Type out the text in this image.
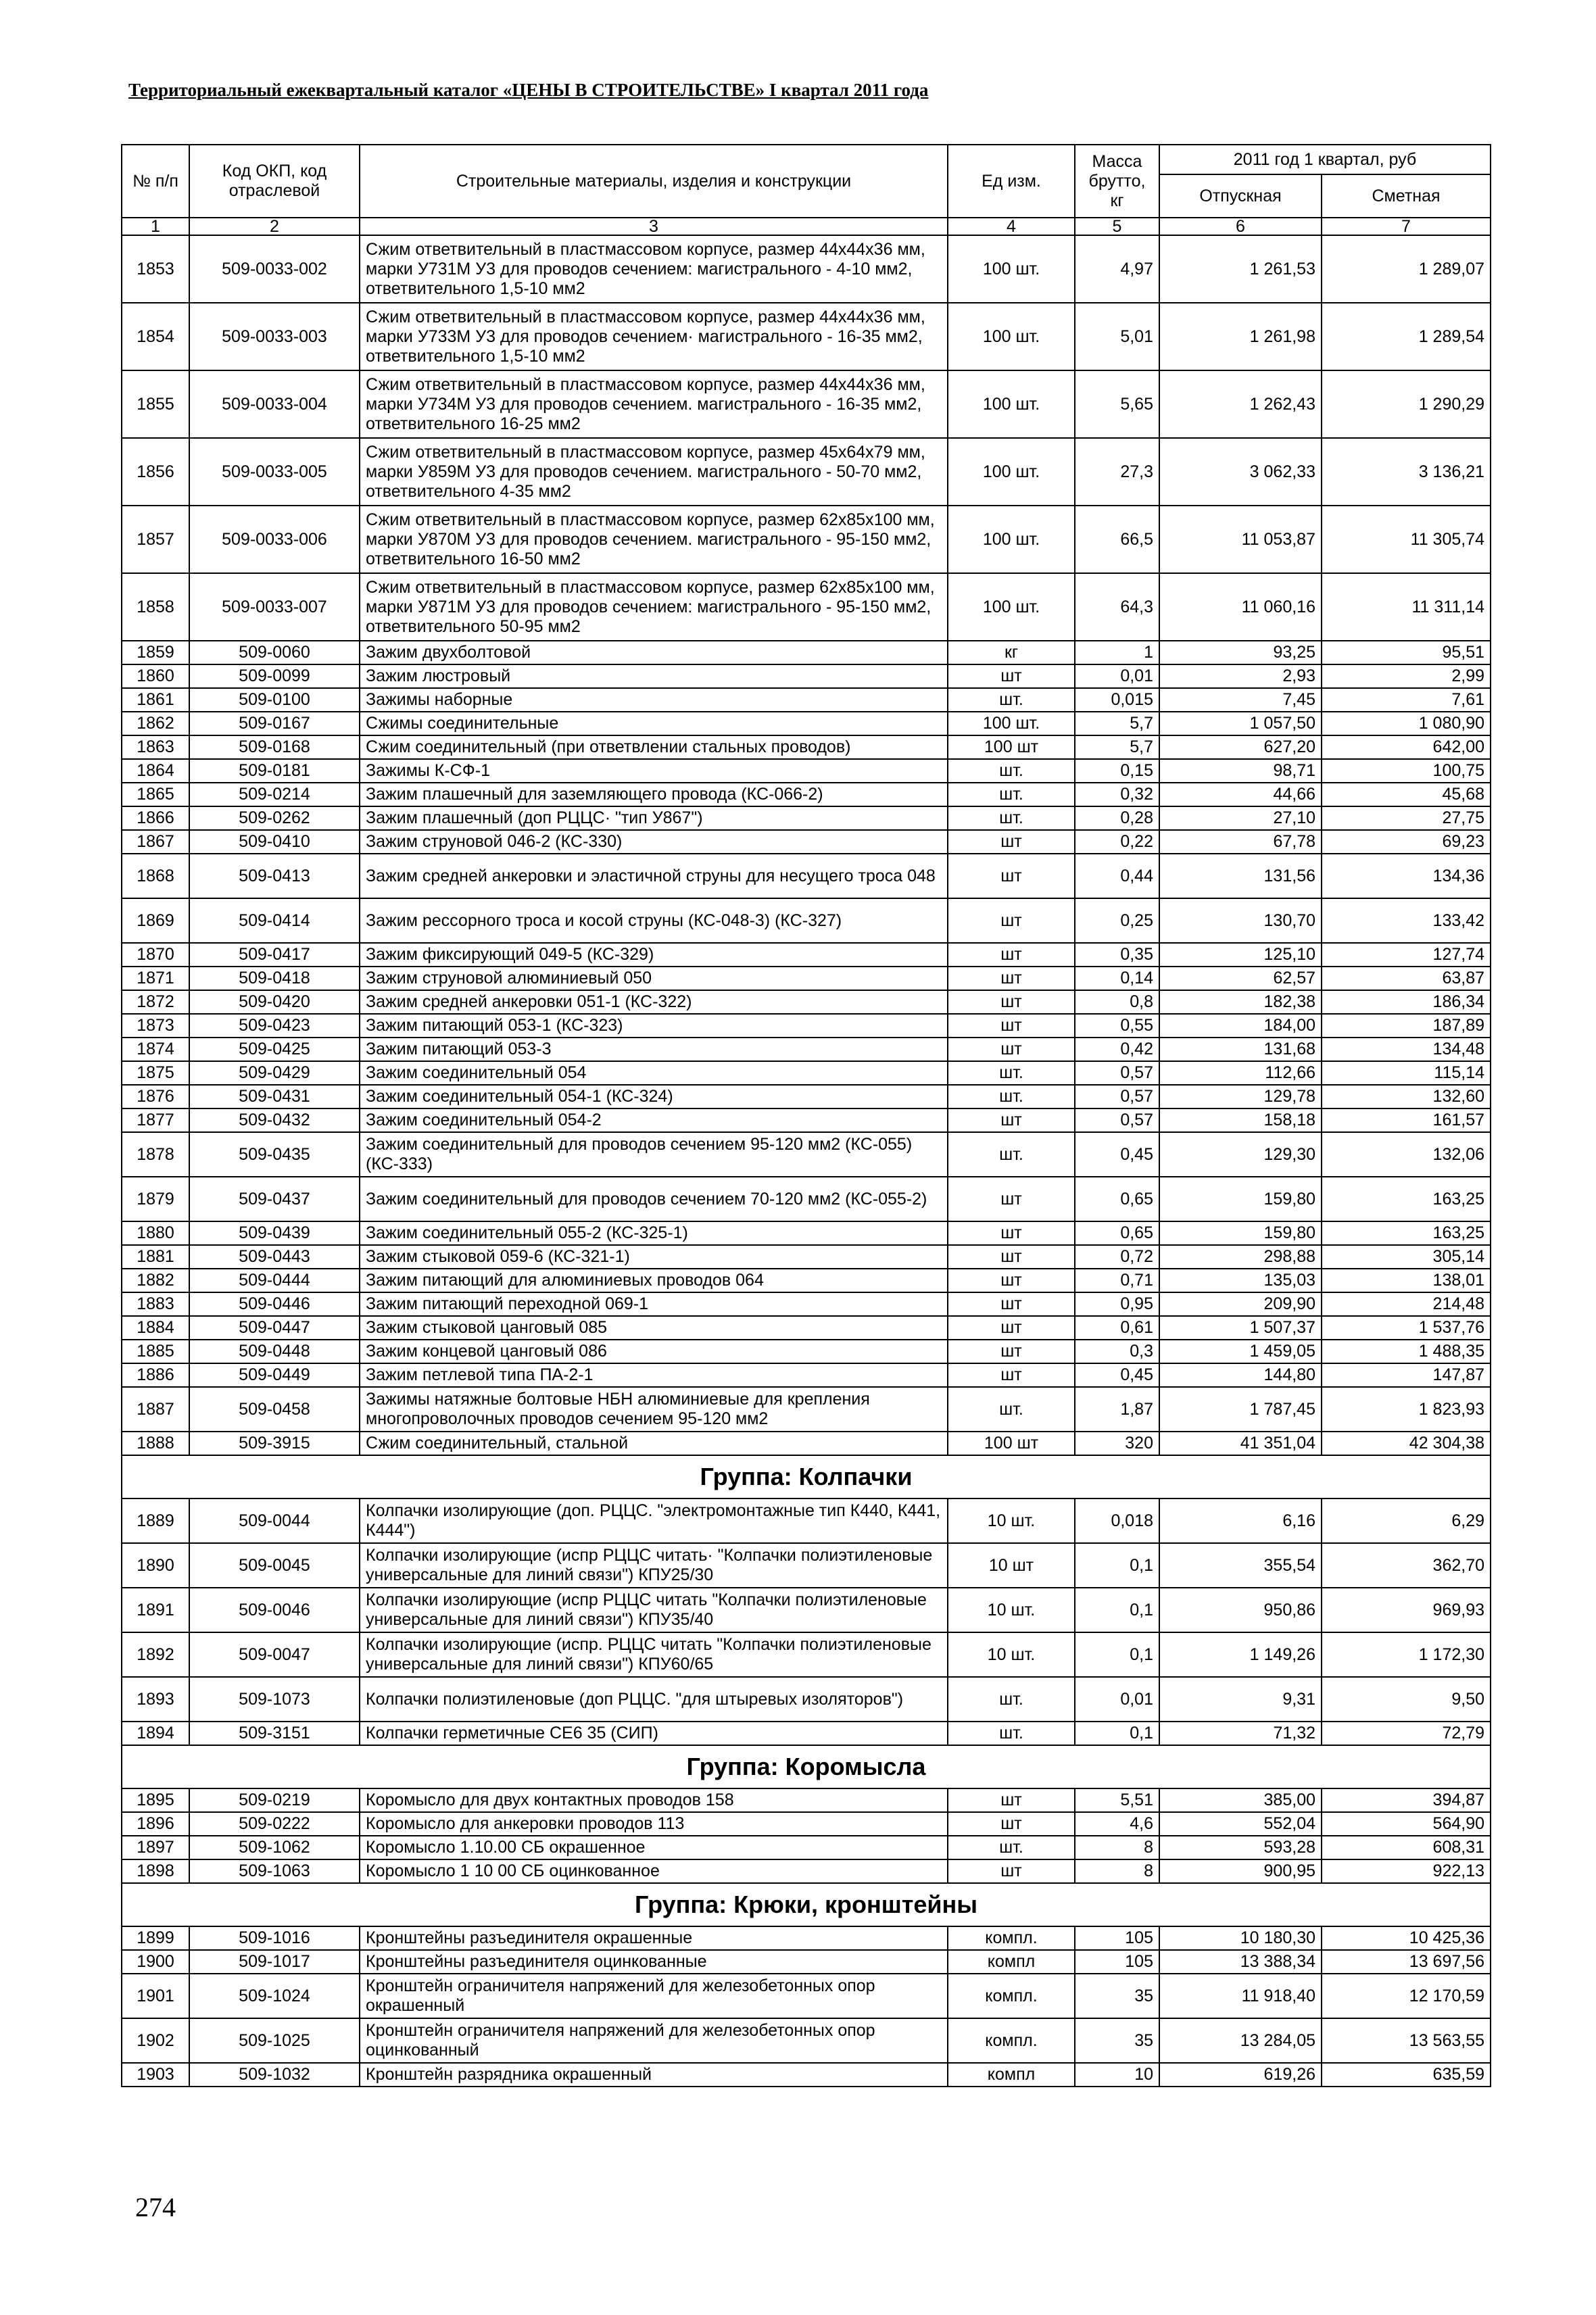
Территориальный ежеквартальный каталог «ЦЕНЫ В СТРОИТЕЛЬСТВЕ» I квартал 2011 года
№ п/п	Код ОКП, код отраслевой	Строительные материалы, изделия и конструкции	Ед изм.	Масса брутто, кг	2011 год 1 квартал, руб	
					Отпускная	Сметная
1	2	3	4	5	6	7
1853	509-0033-002	Сжим ответвительный в пластмассовом корпусе, размер 44х44х36 мм, марки У731М У3 для проводов сечением: магистрального - 4-10 мм2, ответвительного 1,5-10 мм2	100 шт.	4,97	1 261,53	1 289,07
1854	509-0033-003	Сжим ответвительный в пластмассовом корпусе, размер 44х44х36 мм, марки У733М У3 для проводов сечением· магистрального - 16-35 мм2, ответвительного 1,5-10 мм2	100 шт.	5,01	1 261,98	1 289,54
1855	509-0033-004	Сжим ответвительный в пластмассовом корпусе, размер 44х44х36 мм, марки У734М У3 для проводов сечением. магистрального - 16-35 мм2, ответвительного 16-25 мм2	100 шт.	5,65	1 262,43	1 290,29
1856	509-0033-005	Сжим ответвительный в пластмассовом корпусе, размер 45х64х79 мм, марки У859М У3 для проводов сечением. магистрального - 50-70 мм2, ответвительного 4-35 мм2	100 шт.	27,3	3 062,33	3 136,21
1857	509-0033-006	Сжим ответвительный в пластмассовом корпусе, размер 62х85х100 мм, марки У870М У3 для проводов сечением. магистрального - 95-150 мм2, ответвительного 16-50 мм2	100 шт.	66,5	11 053,87	11 305,74
1858	509-0033-007	Сжим ответвительный в пластмассовом корпусе, размер 62х85х100 мм, марки У871М У3 для проводов сечением: магистрального - 95-150 мм2, ответвительного 50-95 мм2	100 шт.	64,3	11 060,16	11 311,14
1859	509-0060	Зажим двухболтовой	кг	1	93,25	95,51
1860	509-0099	Зажим люстровый	шт	0,01	2,93	2,99
1861	509-0100	Зажимы наборные	шт.	0,015	7,45	7,61
1862	509-0167	Сжимы соединительные	100 шт.	5,7	1 057,50	1 080,90
1863	509-0168	Сжим соединительный (при ответвлении стальных проводов)	100 шт	5,7	627,20	642,00
1864	509-0181	Зажимы К-СФ-1	шт.	0,15	98,71	100,75
1865	509-0214	Зажим плашечный для заземляющего провода (КС-066-2)	шт.	0,32	44,66	45,68
1866	509-0262	Зажим плашечный (доп РЦЦС· "тип У867")	шт.	0,28	27,10	27,75
1867	509-0410	Зажим струновой 046-2 (КС-330)	шт	0,22	67,78	69,23
1868	509-0413	Зажим средней анкеровки и эластичной струны для несущего троса 048	шт	0,44	131,56	134,36
1869	509-0414	Зажим рессорного троса и косой струны (КС-048-3) (КС-327)	шт	0,25	130,70	133,42
1870	509-0417	Зажим фиксирующий 049-5 (КС-329)	шт	0,35	125,10	127,74
1871	509-0418	Зажим струновой алюминиевый 050	шт	0,14	62,57	63,87
1872	509-0420	Зажим средней анкеровки 051-1 (КС-322)	шт	0,8	182,38	186,34
1873	509-0423	Зажим питающий 053-1 (КС-323)	шт	0,55	184,00	187,89
1874	509-0425	Зажим питающий 053-3	шт	0,42	131,68	134,48
1875	509-0429	Зажим соединительный 054	шт.	0,57	112,66	115,14
1876	509-0431	Зажим соединительный 054-1 (КС-324)	шт.	0,57	129,78	132,60
1877	509-0432	Зажим соединительный 054-2	шт	0,57	158,18	161,57
1878	509-0435	Зажим соединительный для проводов сечением 95-120 мм2 (КС-055)(КС-333)	шт.	0,45	129,30	132,06
1879	509-0437	Зажим соединительный для проводов сечением 70-120 мм2 (КС-055-2)	шт	0,65	159,80	163,25
1880	509-0439	Зажим соединительный 055-2 (КС-325-1)	шт	0,65	159,80	163,25
1881	509-0443	Зажим стыковой 059-6 (КС-321-1)	шт	0,72	298,88	305,14
1882	509-0444	Зажим питающий для алюминиевых проводов 064	шт	0,71	135,03	138,01
1883	509-0446	Зажим питающий переходной 069-1	шт	0,95	209,90	214,48
1884	509-0447	Зажим стыковой цанговый 085	шт	0,61	1 507,37	1 537,76
1885	509-0448	Зажим концевой цанговый 086	шт	0,3	1 459,05	1 488,35
1886	509-0449	Зажим петлевой типа ПА-2-1	шт	0,45	144,80	147,87
1887	509-0458	Зажимы натяжные болтовые НБН алюминиевые для крепления многопроволочных проводов сечением 95-120 мм2	шт.	1,87	1 787,45	1 823,93
1888	509-3915	Сжим соединительный, стальной	100 шт	320	41 351,04	42 304,38
Группа: Колпачки						
1889	509-0044	Колпачки изолирующие (доп. РЦЦС. "электромонтажные тип К440, К441, К444")	10 шт.	0,018	6,16	6,29
1890	509-0045	Колпачки изолирующие (испр РЦЦС читать· "Колпачки полиэтиленовые универсальные для линий связи") КПУ25/30	10 шт	0,1	355,54	362,70
1891	509-0046	Колпачки изолирующие (испр РЦЦС читать "Колпачки полиэтиленовые универсальные для линий связи") КПУ35/40	10 шт.	0,1	950,86	969,93
1892	509-0047	Колпачки изолирующие (испр. РЦЦС читать "Колпачки полиэтиленовые универсальные для линий связи") КПУ60/65	10 шт.	0,1	1 149,26	1 172,30
1893	509-1073	Колпачки полиэтиленовые (доп РЦЦС. "для штыревых изоляторов")	шт.	0,01	9,31	9,50
1894	509-3151	Колпачки герметичные СЕ6 35 (СИП)	шт.	0,1	71,32	72,79
Группа: Коромысла						
1895	509-0219	Коромысло для двух контактных проводов 158	шт	5,51	385,00	394,87
1896	509-0222	Коромысло для анкеровки проводов 113	шт	4,6	552,04	564,90
1897	509-1062	Коромысло 1.10.00 СБ окрашенное	шт.	8	593,28	608,31
1898	509-1063	Коромысло 1 10 00 СБ оцинкованное	шт	8	900,95	922,13
Группа: Крюки, кронштейны						
1899	509-1016	Кронштейны разъединителя окрашенные	компл.	105	10 180,30	10 425,36
1900	509-1017	Кронштейны разъединителя оцинкованные	компл	105	13 388,34	13 697,56
1901	509-1024	Кронштейн ограничителя напряжений для железобетонных опор окрашенный	компл.	35	11 918,40	12 170,59
1902	509-1025	Кронштейн ограничителя напряжений для железобетонных опор оцинкованный	компл.	35	13 284,05	13 563,55
1903	509-1032	Кронштейн разрядника окрашенный	компл	10	619,26	635,59
274
